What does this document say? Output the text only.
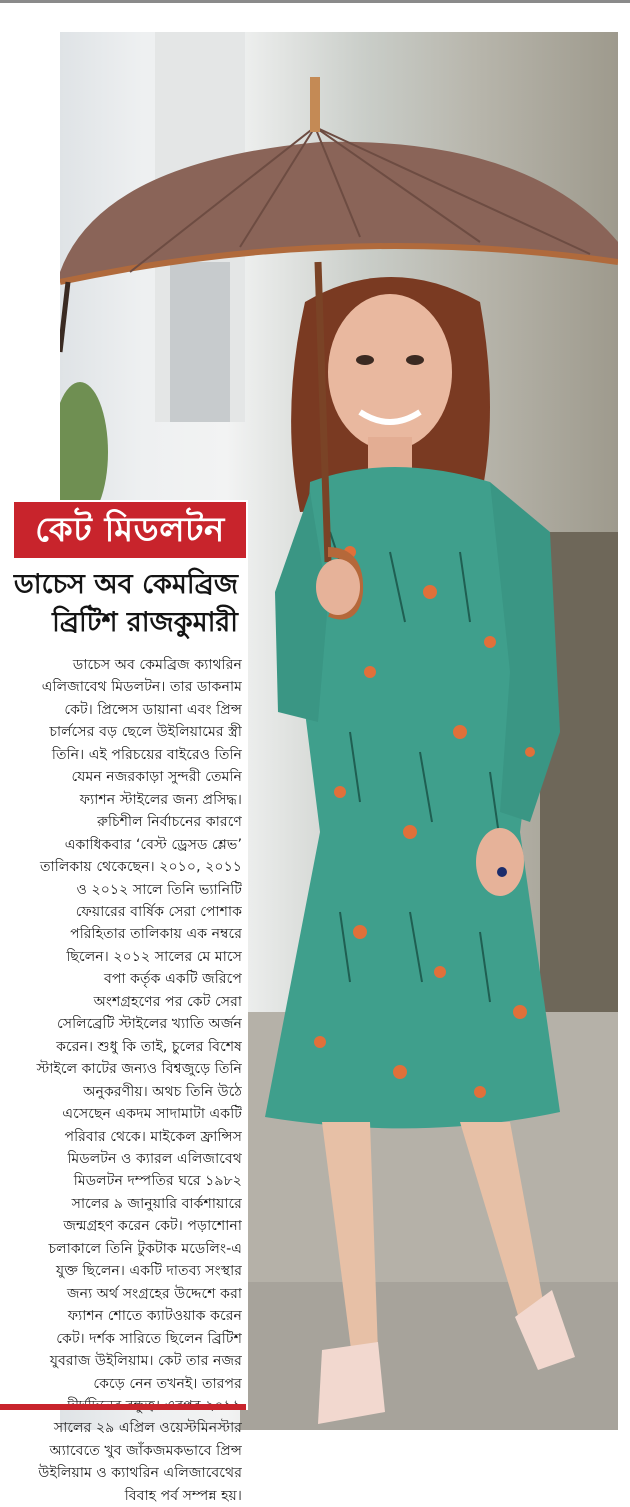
কেট মিডলটন
ডাচেস অব কেমব্রিজ
ব্রিটিশ রাজকুমারী
ডাচেস অব কেমব্রিজ ক্যাথরিন
এলিজাবেথ মিডলটন। তার ডাকনাম
কেট। প্রিন্সেস ডায়ানা এবং প্রিন্স
চার্লসের বড় ছেলে উইলিয়ামের স্ত্রী
তিনি। এই পরিচয়ের বাইরেও তিনি
যেমন নজরকাড়া সুন্দরী তেমনি
ফ্যাশন স্টাইলের জন্য প্রসিদ্ধ।
রুচিশীল নির্বাচনের কারণে
একাধিকবার ‘বেস্ট ড্রেসড শ্লেভ’
তালিকায় থেকেছেন। ২০১০, ২০১১
ও ২০১২ সালে তিনি ভ্যানিটি
ফেয়ারের বার্ষিক সেরা পোশাক
পরিহিতার তালিকায় এক নম্বরে
ছিলেন। ২০১২ সালের মে মাসে
বপা কর্তৃক একটি জরিপে
অংশগ্রহণের পর কেট সেরা
সেলিব্রেটি স্টাইলের খ্যাতি অর্জন
করেন। শুধু কি তাই, চুলের বিশেষ
স্টাইলে কাটের জন্যও বিশ্বজুড়ে তিনি
অনুকরণীয়। অথচ তিনি উঠে
এসেছেন একদম সাদামাটা একটি
পরিবার থেকে। মাইকেল ফ্রান্সিস
মিডলটন ও ক্যারল এলিজাবেথ
মিডলটন দম্পতির ঘরে ১৯৮২
সালের ৯ জানুয়ারি বার্কশায়ারে
জন্মগ্রহণ করেন কেট। পড়াশোনা
চলাকালে তিনি টুকটাক মডেলিং-এ
যুক্ত ছিলেন। একটি দাতব্য সংস্থার
জন্য অর্থ সংগ্রহের উদ্দেশে করা
ফ্যাশন শোতে ক্যাটওয়াক করেন
কেট। দর্শক সারিতে ছিলেন ব্রিটিশ
যুবরাজ উইলিয়াম। কেট তার নজর
কেড়ে নেন তখনই। তারপর
সালের ২৯ এপ্রিল ওয়েস্টমিনস্টার
অ্যাবেতে খুব জাঁকজমকভাবে প্রিন্স
উইলিয়াম ও ক্যাথরিন এলিজাবেথের
বিবাহ পর্ব সম্পন্ন হয়।
